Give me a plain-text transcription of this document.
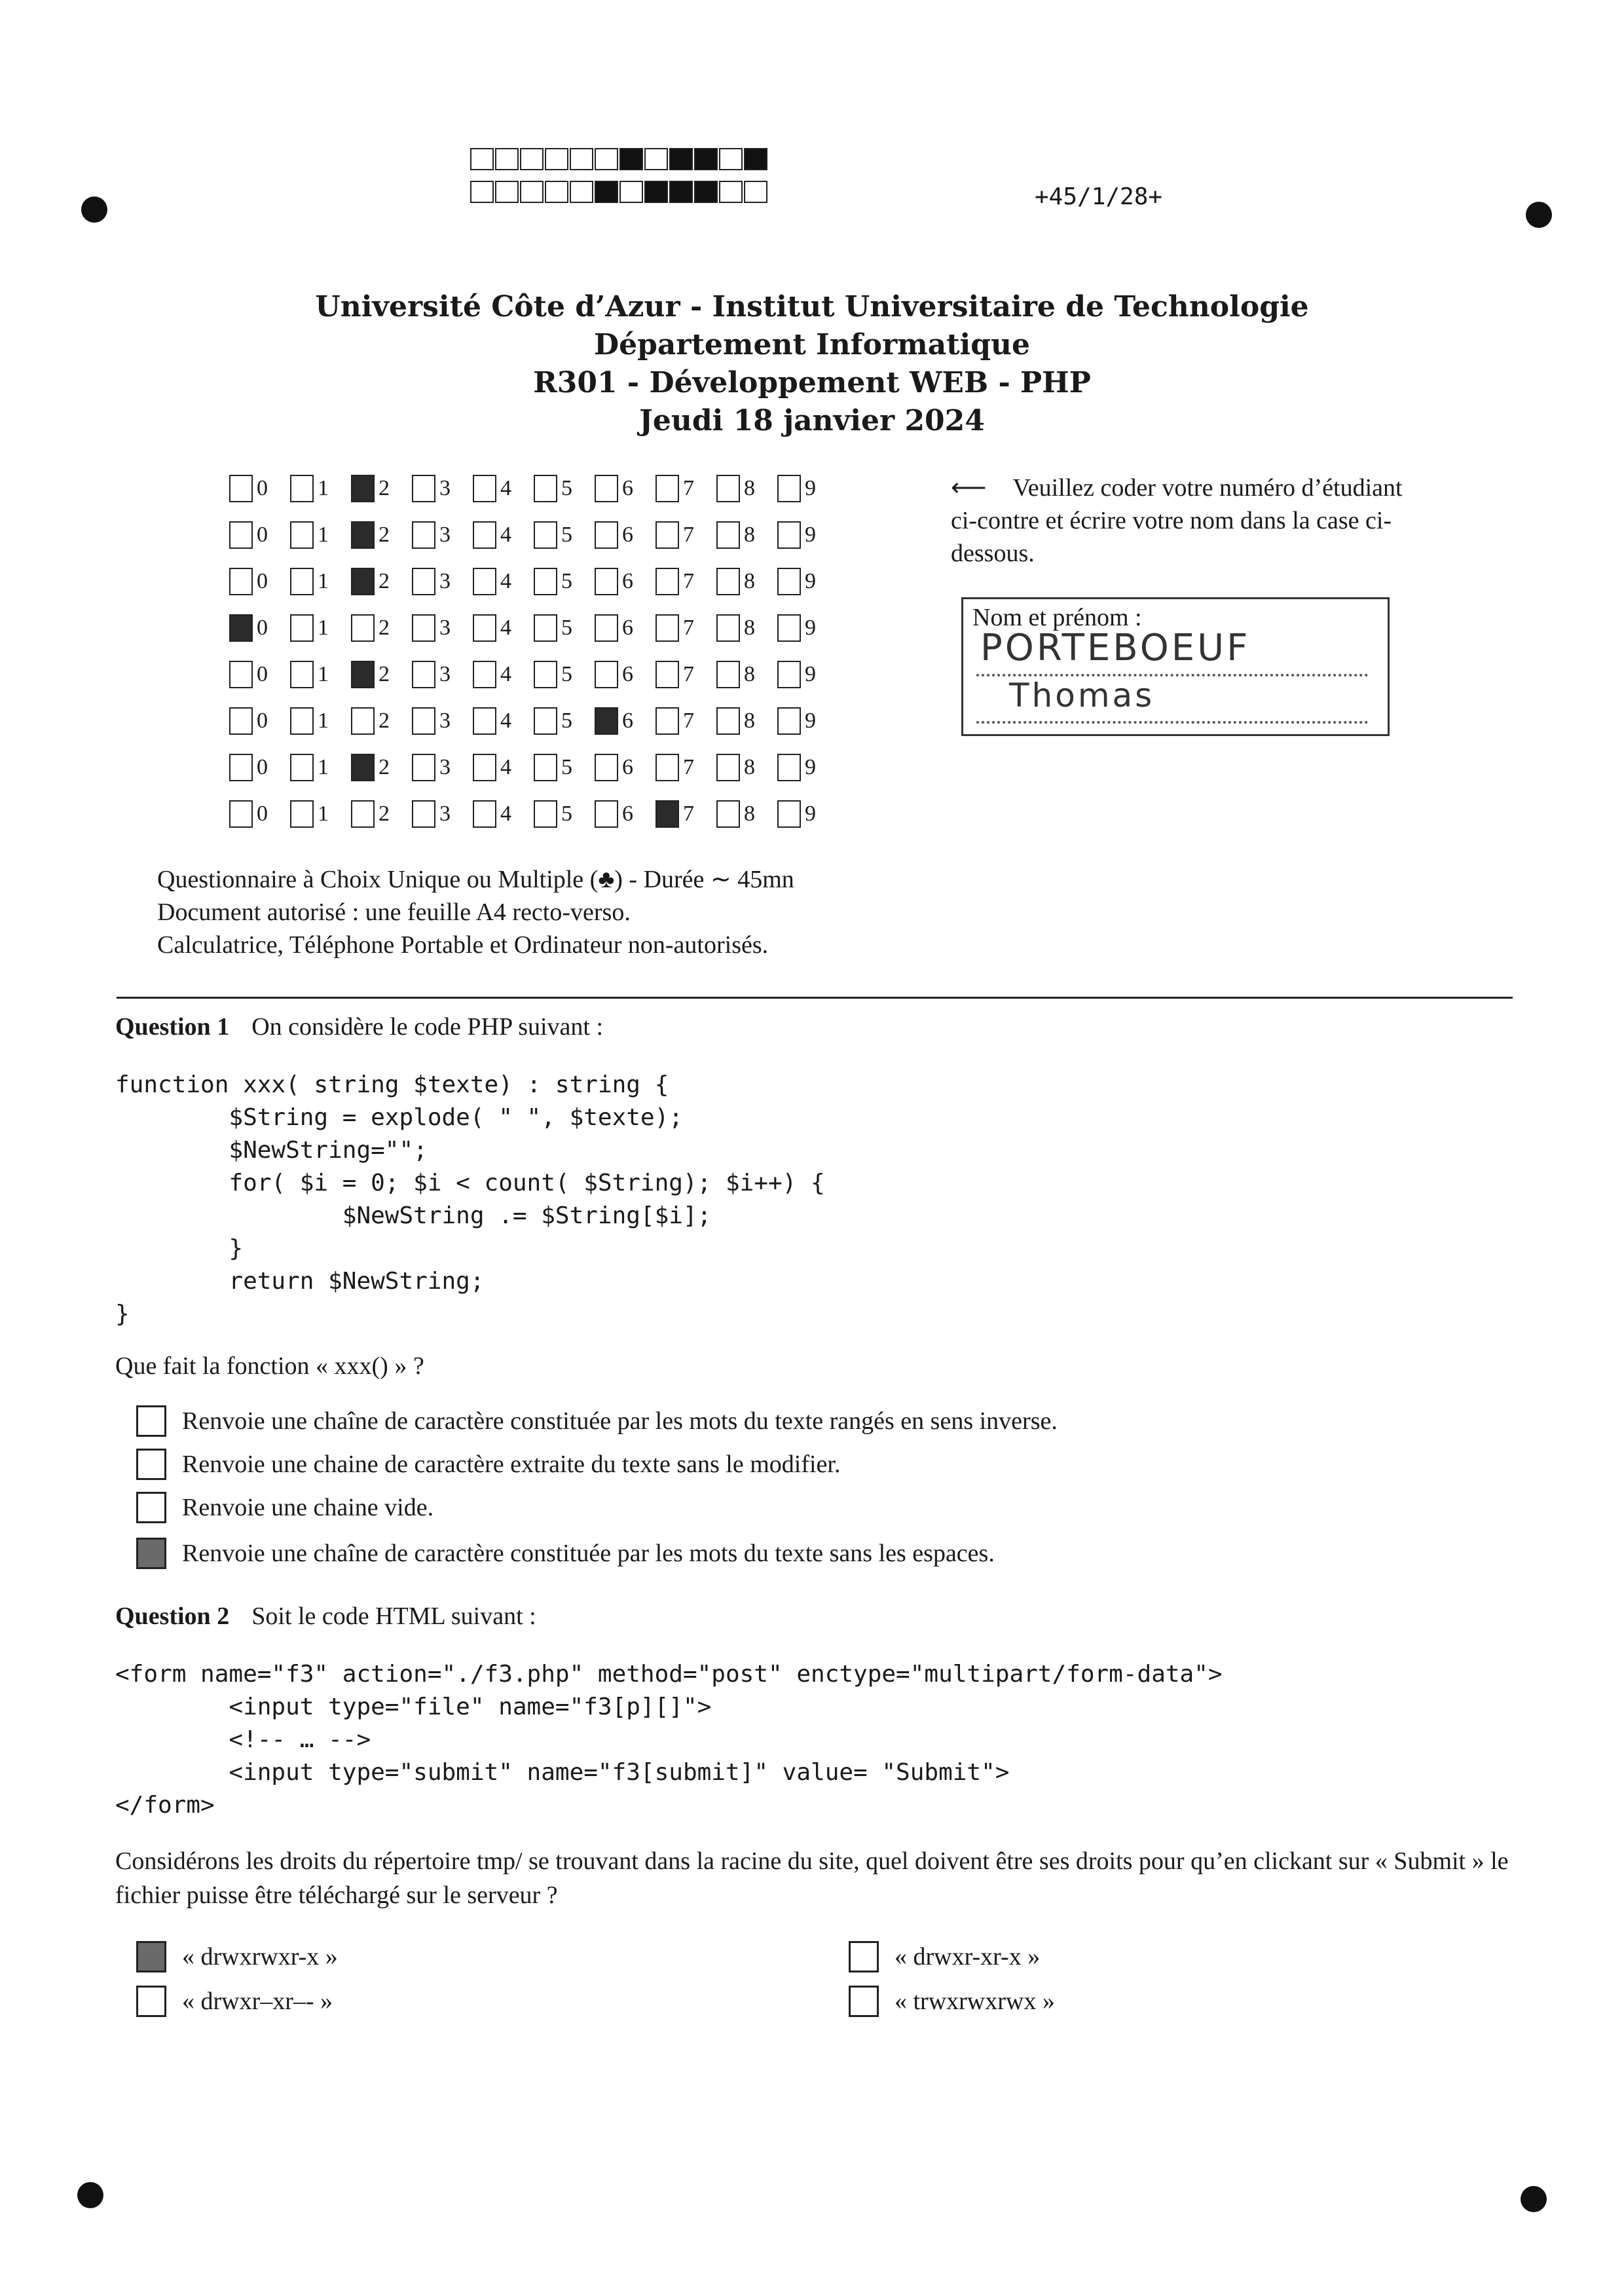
+45/1/28+
Université Côte d’Azur - Institut Universitaire de Technologie
Département Informatique
R301 - Développement WEB - PHP
Jeudi 18 janvier 2024
0 1 2 3 4 5 6 7 8 9
0 1 2 3 4 5 6 7 8 9
0 1 2 3 4 5 6 7 8 9
0 1 2 3 4 5 6 7 8 9
0 1 2 3 4 5 6 7 8 9
0 1 2 3 4 5 6 7 8 9
0 1 2 3 4 5 6 7 8 9
0 1 2 3 4 5 6 7 8 9
⟵ Veuillez coder votre numéro d’étudiant ci-contre et écrire votre nom dans la case ci-dessous.
Nom et prénom :
PORTEBOEUF
Thomas
Questionnaire à Choix Unique ou Multiple (♣) - Durée ∼ 45mn
Document autorisé : une feuille A4 recto-verso.
Calculatrice, Téléphone Portable et Ordinateur non-autorisés.
Question 1 On considère le code PHP suivant :
function xxx( string $texte) : string {
$String = explode( " ", $texte);
$NewString="";
for( $i = 0; $i < count( $String); $i++) {
$NewString .= $String[$i];
}
return $NewString;
}
Que fait la fonction « xxx() » ?
Renvoie une chaîne de caractère constituée par les mots du texte rangés en sens inverse.
Renvoie une chaine de caractère extraite du texte sans le modifier.
Renvoie une chaine vide.
Renvoie une chaîne de caractère constituée par les mots du texte sans les espaces.
Question 2 Soit le code HTML suivant :
<form name="f3" action="./f3.php" method="post" enctype="multipart/form-data">
<input type="file" name="f3[p][]">
<!-- … -->
<input type="submit" name="f3[submit]" value= "Submit">
</form>
Considérons les droits du répertoire tmp/ se trouvant dans la racine du site, quel doivent être ses droits pour qu’en clickant sur « Submit » le fichier puisse être téléchargé sur le serveur ?
« drwxrwxr-x »	« drwxr-xr-x »
« drwxr–xr–- »	« trwxrwxrwx »
